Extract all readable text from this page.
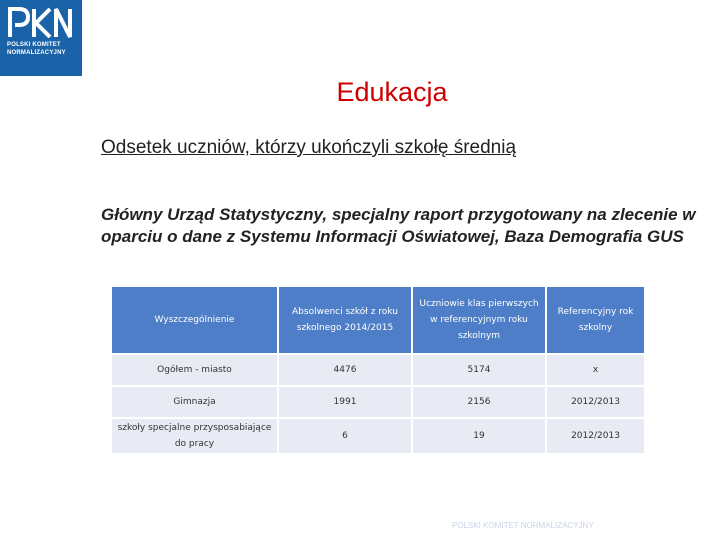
POLSKI KOMITET
NORMALIZACYJNY
Edukacja
Odsetek uczniów, którzy ukończyli szkołę średnią
Główny Urząd Statystyczny, specjalny raport przygotowany na zlecenie w oparciu o dane z Systemu Informacji Oświatowej, Baza Demografia GUS
Wyszczególnienie	Absolwenci szkół z roku szkolnego 2014/2015	Uczniowie klas pierwszych w referencyjnym roku szkolnym	Referencyjny rok szkolny
Ogółem - miasto	4476	5174	x
Gimnazja	1991	2156	2012/2013
szkoły specjalne przysposabiające do pracy	6	19	2012/2013
POLSKI KOMITET NORMALIZACYJNY
